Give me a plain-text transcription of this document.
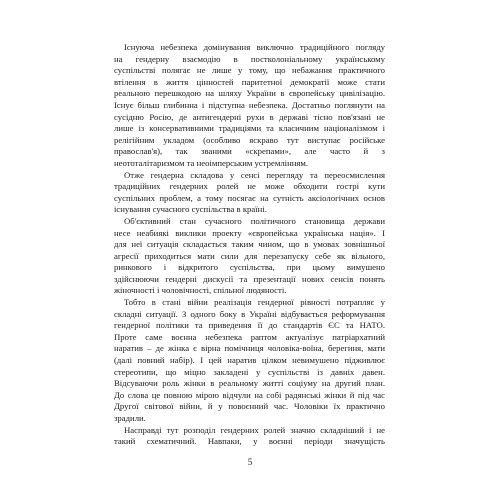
Існуюча небезпека домінування виключно традиційного погляду
на гендерну взаємодію в постколоніальному українському
суспільстві полягає не лише у тому, що небажання практичного
втілення в життя цінностей паритетної демократії може стати
реальною перешкодою на шляху України в європейську цивілізацію.
Існує більш глибинна і підступна небезпека. Достатньо поглянути на
сусідню Росію, де антигендерні рухи в державі тісно пов'язані не
лише із консервативними традиціями та класичним націоналізмом і
релігійним укладом (особливо яскраво тут виступає російське
православ'я), так званими «скрепами», але часто й з
неототалітаризмом та неоімперським устремлінням.
Отже гендерна складова у сенсі перегляду та переосмислення
традиційних гендерних ролей не може обходити гострі кути
суспільних проблем, а тому посягає на сутність аксіологічних основ
існування сучасного суспільства в країні.
Об'єктивний стан сучасного політичного становища держави
несе неабиякі виклики проекту «європейська українська нація». І
для неї ситуація складається таким чином, що в умовах зовнішньої
агресії приходиться мати сили для перезапуску себе як вільного,
ринкового і відкритого суспільства, при цьому вимушено
здійснюючи гендерні дискусії та презентації нових сенсів понять
жіночності і чоловічності, спільної людяності.
Тобто в стані війни реалізація гендерної рівності потрапляє у
складні ситуації. З одного боку в Україні відбувається реформування
гендерної політики та приведення її до стандартів ЄС та НАТО.
Проте саме воєнна небезпека раптом актуалізує патріархатний
наратив – де жінка є вірна помічниця чоловіка-воїна, берегиня, мати
(далі повний набір). І цей наратив цілком невимушено підживлює
стереотипи, що міцно закладені у суспільстві із давніх давен.
Відсуваючи роль жінки в реальному житті соціуму на другий план.
До слова це повною мірою відчули на собі радянські жінки й під час
Другої світової війни, й у повоєнний час. Чоловіки їх практично
зрадили.
Насправді тут розподіл гендерних ролей значно складніший і не
такий схематичний. Навпаки, у воєнні періоди значущість
5
